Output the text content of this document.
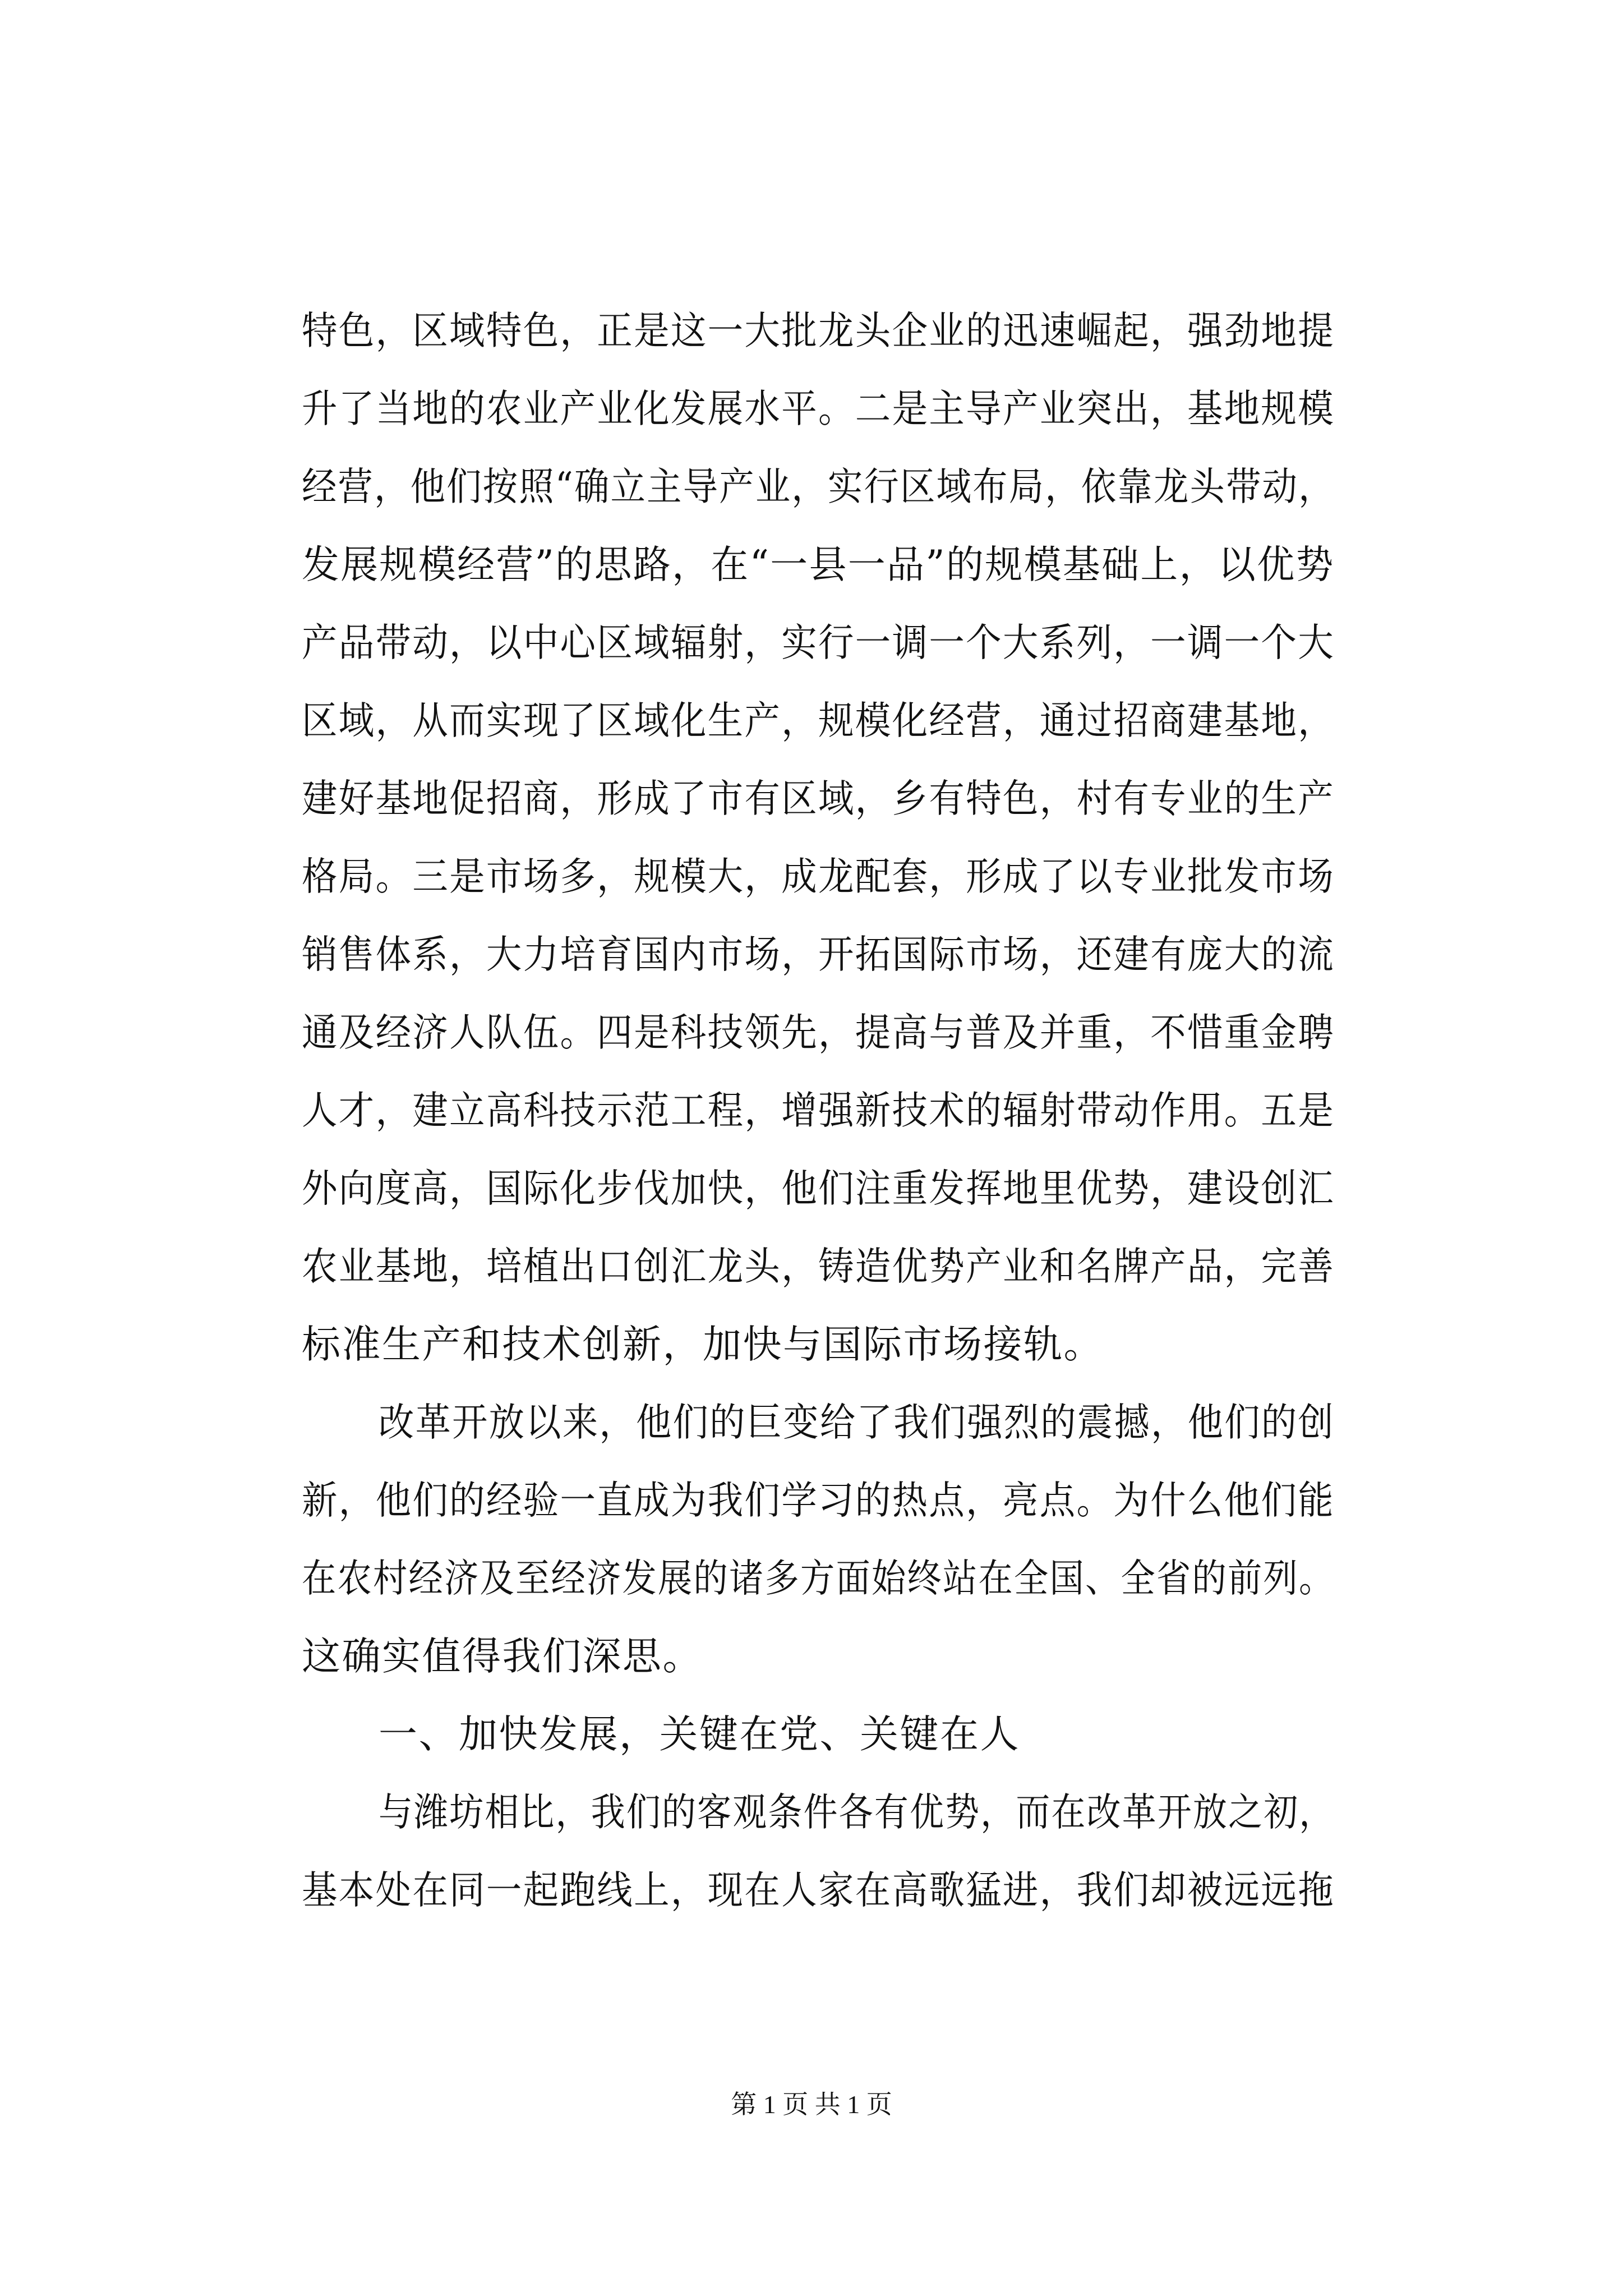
特色，区域特色，正是这一大批龙头企业的迅速崛起，强劲地提
升了当地的农业产业化发展水平。二是主导产业突出，基地规模
经营，他们按照“确立主导产业，实行区域布局，依靠龙头带动，
发展规模经营”的思路，在“一县一品”的规模基础上，以优势
产品带动，以中心区域辐射，实行一调一个大系列，一调一个大
区域，从而实现了区域化生产，规模化经营，通过招商建基地，
建好基地促招商，形成了市有区域，乡有特色，村有专业的生产
格局。三是市场多，规模大，成龙配套，形成了以专业批发市场
销售体系，大力培育国内市场，开拓国际市场，还建有庞大的流
通及经济人队伍。四是科技领先，提高与普及并重，不惜重金聘
人才，建立高科技示范工程，增强新技术的辐射带动作用。五是
外向度高，国际化步伐加快，他们注重发挥地里优势，建设创汇
农业基地，培植出口创汇龙头，铸造优势产业和名牌产品，完善
标准生产和技术创新，加快与国际市场接轨。
改革开放以来，他们的巨变给了我们强烈的震撼，他们的创
新，他们的经验一直成为我们学习的热点，亮点。为什么他们能
在农村经济及至经济发展的诸多方面始终站在全国、全省的前列。
这确实值得我们深思。
一、加快发展，关键在党、关键在人
与潍坊相比，我们的客观条件各有优势，而在改革开放之初，
基本处在同一起跑线上，现在人家在高歌猛进，我们却被远远拖
第 1 页 共 1 页
